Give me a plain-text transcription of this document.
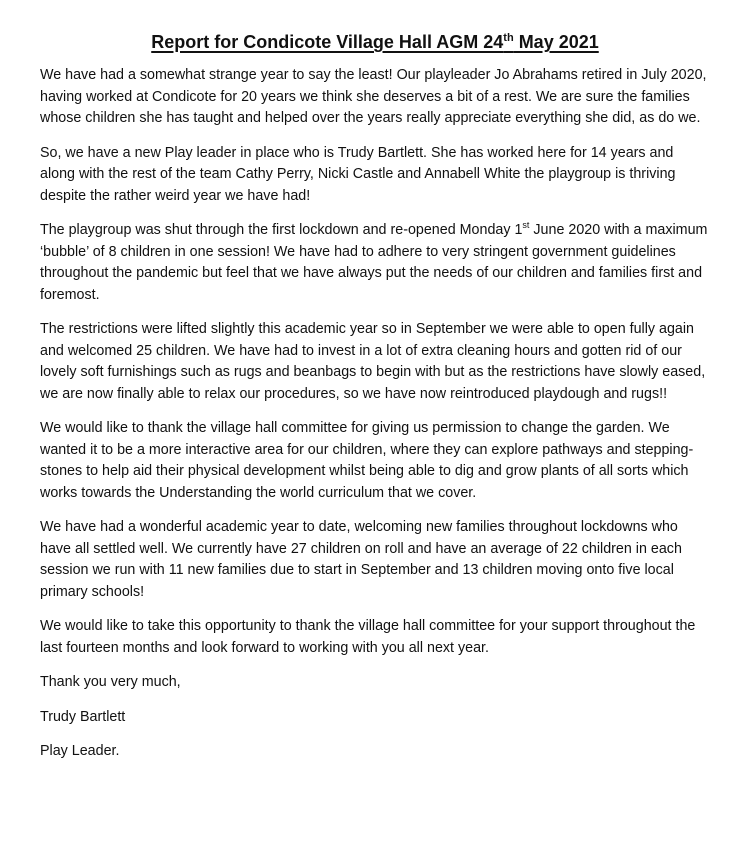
Report for Condicote Village Hall AGM 24th May 2021

We have had a somewhat strange year to say the least! Our playleader Jo Abrahams retired in July 2020, having worked at Condicote for 20 years we think she deserves a bit of a rest. We are sure the families whose children she has taught and helped over the years really appreciate everything she did, as do we.

So, we have a new Play leader in place who is Trudy Bartlett. She has worked here for 14 years and along with the rest of the team Cathy Perry, Nicki Castle and Annabell White the playgroup is thriving despite the rather weird year we have had!

The playgroup was shut through the first lockdown and re-opened Monday 1st June 2020 with a maximum ‘bubble’ of 8 children in one session! We have had to adhere to very stringent government guidelines throughout the pandemic but feel that we have always put the needs of our children and families first and foremost.

The restrictions were lifted slightly this academic year so in September we were able to open fully again and welcomed 25 children. We have had to invest in a lot of extra cleaning hours and gotten rid of our lovely soft furnishings such as rugs and beanbags to begin with but as the restrictions have slowly eased, we are now finally able to relax our procedures, so we have now reintroduced playdough and rugs!!

We would like to thank the village hall committee for giving us permission to change the garden. We wanted it to be a more interactive area for our children, where they can explore pathways and stepping-stones to help aid their physical development whilst being able to dig and grow plants of all sorts which works towards the Understanding the world curriculum that we cover.

We have had a wonderful academic year to date, welcoming new families throughout lockdowns who have all settled well. We currently have 27 children on roll and have an average of 22 children in each session we run with 11 new families due to start in September and 13 children moving onto five local primary schools!

We would like to take this opportunity to thank the village hall committee for your support throughout the last fourteen months and look forward to working with you all next year.

Thank you very much,

Trudy Bartlett

Play Leader.
